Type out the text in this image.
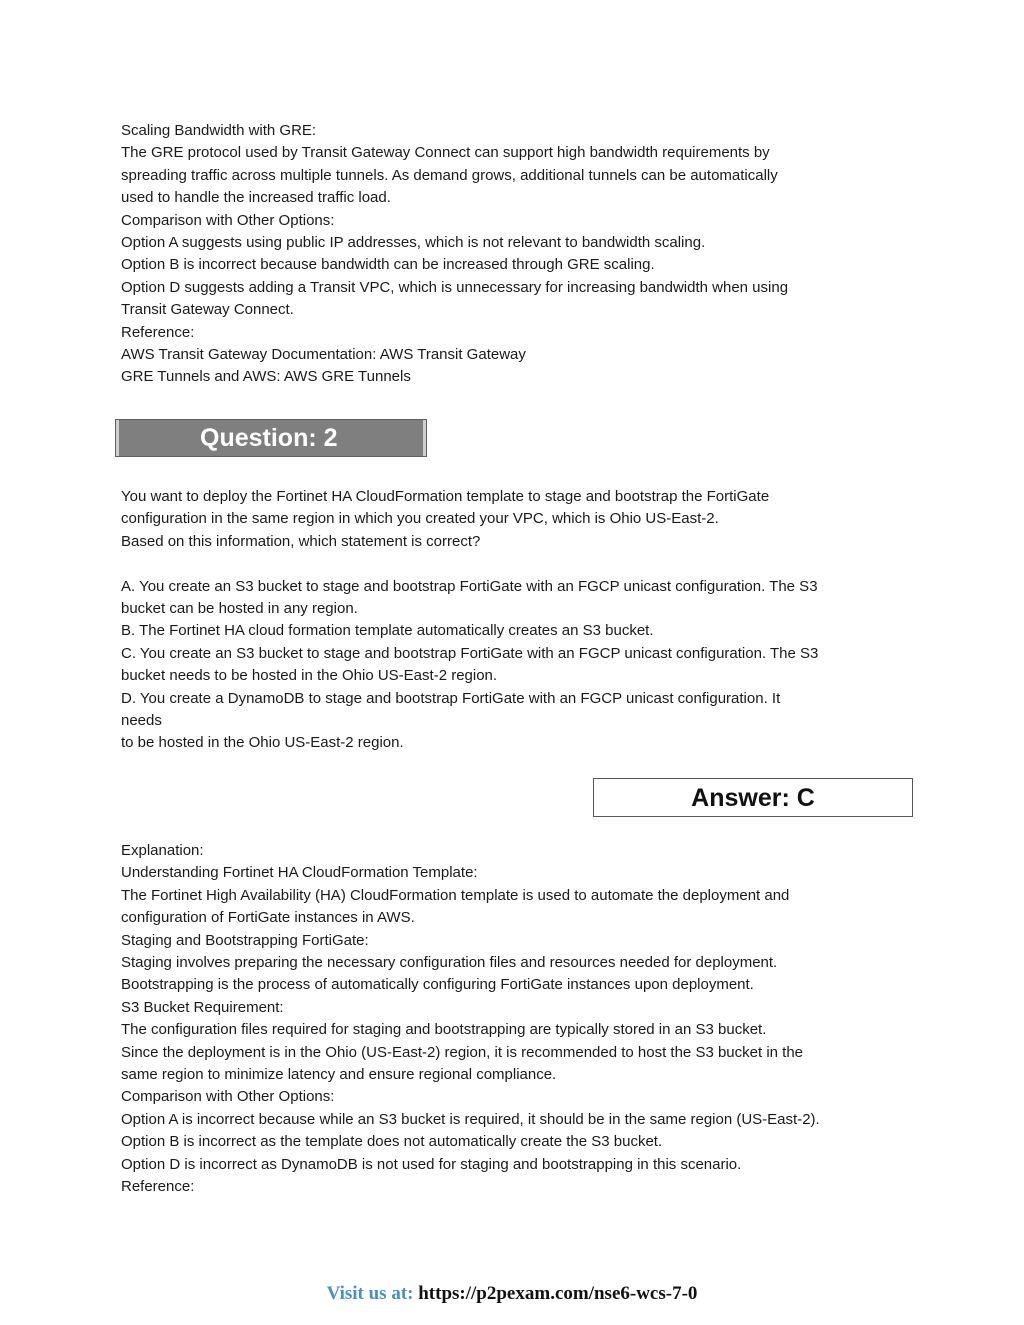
Scaling Bandwidth with GRE:
The GRE protocol used by Transit Gateway Connect can support high bandwidth requirements by
spreading traffic across multiple tunnels. As demand grows, additional tunnels can be automatically
used to handle the increased traffic load.
Comparison with Other Options:
Option A suggests using public IP addresses, which is not relevant to bandwidth scaling.
Option B is incorrect because bandwidth can be increased through GRE scaling.
Option D suggests adding a Transit VPC, which is unnecessary for increasing bandwidth when using
Transit Gateway Connect.
Reference:
AWS Transit Gateway Documentation: AWS Transit Gateway
GRE Tunnels and AWS: AWS GRE Tunnels
Question: 2
You want to deploy the Fortinet HA CloudFormation template to stage and bootstrap the FortiGate
configuration in the same region in which you created your VPC, which is Ohio US-East-2.
Based on this information, which statement is correct?
A. You create an S3 bucket to stage and bootstrap FortiGate with an FGCP unicast configuration. The S3
bucket can be hosted in any region.
B. The Fortinet HA cloud formation template automatically creates an S3 bucket.
C. You create an S3 bucket to stage and bootstrap FortiGate with an FGCP unicast configuration. The S3
bucket needs to be hosted in the Ohio US-East-2 region.
D. You create a DynamoDB to stage and bootstrap FortiGate with an FGCP unicast configuration. It
needs
to be hosted in the Ohio US-East-2 region.
Answer: C
Explanation:
Understanding Fortinet HA CloudFormation Template:
The Fortinet High Availability (HA) CloudFormation template is used to automate the deployment and
configuration of FortiGate instances in AWS.
Staging and Bootstrapping FortiGate:
Staging involves preparing the necessary configuration files and resources needed for deployment.
Bootstrapping is the process of automatically configuring FortiGate instances upon deployment.
S3 Bucket Requirement:
The configuration files required for staging and bootstrapping are typically stored in an S3 bucket.
Since the deployment is in the Ohio (US-East-2) region, it is recommended to host the S3 bucket in the
same region to minimize latency and ensure regional compliance.
Comparison with Other Options:
Option A is incorrect because while an S3 bucket is required, it should be in the same region (US-East-2).
Option B is incorrect as the template does not automatically create the S3 bucket.
Option D is incorrect as DynamoDB is not used for staging and bootstrapping in this scenario.
Reference:
Visit us at: https://p2pexam.com/nse6-wcs-7-0
